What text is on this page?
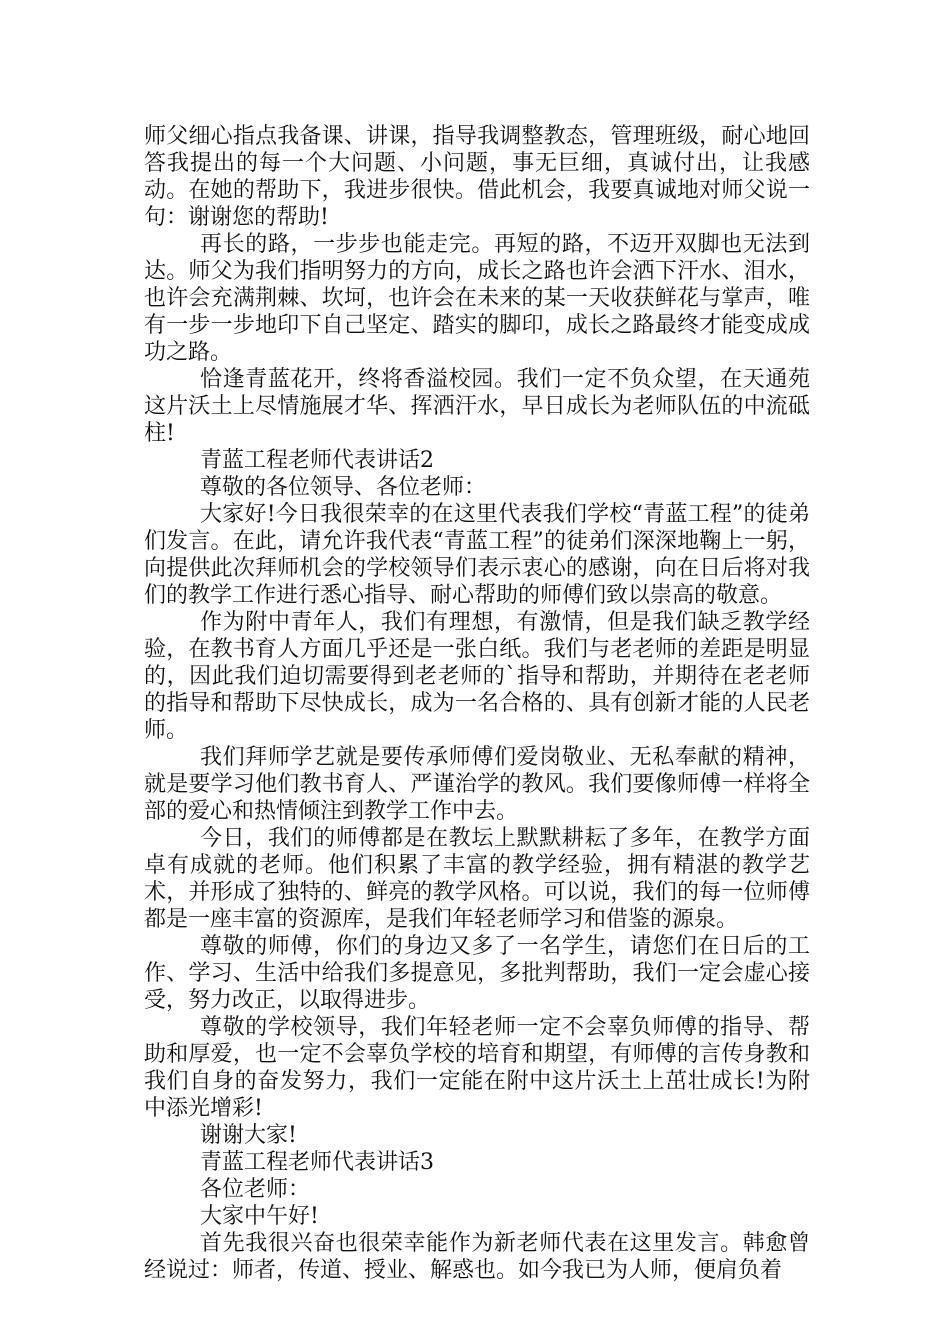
师父细心指点我备课、讲课，指导我调整教态，管理班级，耐心地回答我提出的每一个大问题、小问题，事无巨细，真诚付出，让我感动。在她的帮助下，我进步很快。借此机会，我要真诚地对师父说一句：谢谢您的帮助!

再长的路，一步步也能走完。再短的路，不迈开双脚也无法到达。师父为我们指明努力的方向，成长之路也许会洒下汗水、泪水，也许会充满荆棘、坎坷，也许会在未来的某一天收获鲜花与掌声，唯有一步一步地印下自己坚定、踏实的脚印，成长之路最终才能变成成功之路。

恰逢青蓝花开，终将香溢校园。我们一定不负众望，在天通苑这片沃土上尽情施展才华、挥洒汗水，早日成长为老师队伍的中流砥柱!

青蓝工程老师代表讲话2

尊敬的各位领导、各位老师：

大家好!今日我很荣幸的在这里代表我们学校“青蓝工程”的徒弟们发言。在此，请允许我代表“青蓝工程”的徒弟们深深地鞠上一躬，向提供此次拜师机会的学校领导们表示衷心的感谢，向在日后将对我们的教学工作进行悉心指导、耐心帮助的师傅们致以崇高的敬意。

作为附中青年人，我们有理想，有激情，但是我们缺乏教学经验，在教书育人方面几乎还是一张白纸。我们与老老师的差距是明显的，因此我们迫切需要得到老老师的`指导和帮助，并期待在老老师的指导和帮助下尽快成长，成为一名合格的、具有创新才能的人民老师。

我们拜师学艺就是要传承师傅们爱岗敬业、无私奉献的精神，就是要学习他们教书育人、严谨治学的教风。我们要像师傅一样将全部的爱心和热情倾注到教学工作中去。

今日，我们的师傅都是在教坛上默默耕耘了多年，在教学方面卓有成就的老师。他们积累了丰富的教学经验，拥有精湛的教学艺术，并形成了独特的、鲜亮的教学风格。可以说，我们的每一位师傅都是一座丰富的资源库，是我们年轻老师学习和借鉴的源泉。

尊敬的师傅，你们的身边又多了一名学生，请您们在日后的工作、学习、生活中给我们多提意见，多批判帮助，我们一定会虚心接受，努力改正，以取得进步。

尊敬的学校领导，我们年轻老师一定不会辜负师傅的指导、帮助和厚爱，也一定不会辜负学校的培育和期望，有师傅的言传身教和我们自身的奋发努力，我们一定能在附中这片沃土上茁壮成长!为附中添光增彩!

谢谢大家!

青蓝工程老师代表讲话3

各位老师：

大家中午好!

首先我很兴奋也很荣幸能作为新老师代表在这里发言。韩愈曾经说过：师者，传道、授业、解惑也。如今我已为人师，便肩负着
